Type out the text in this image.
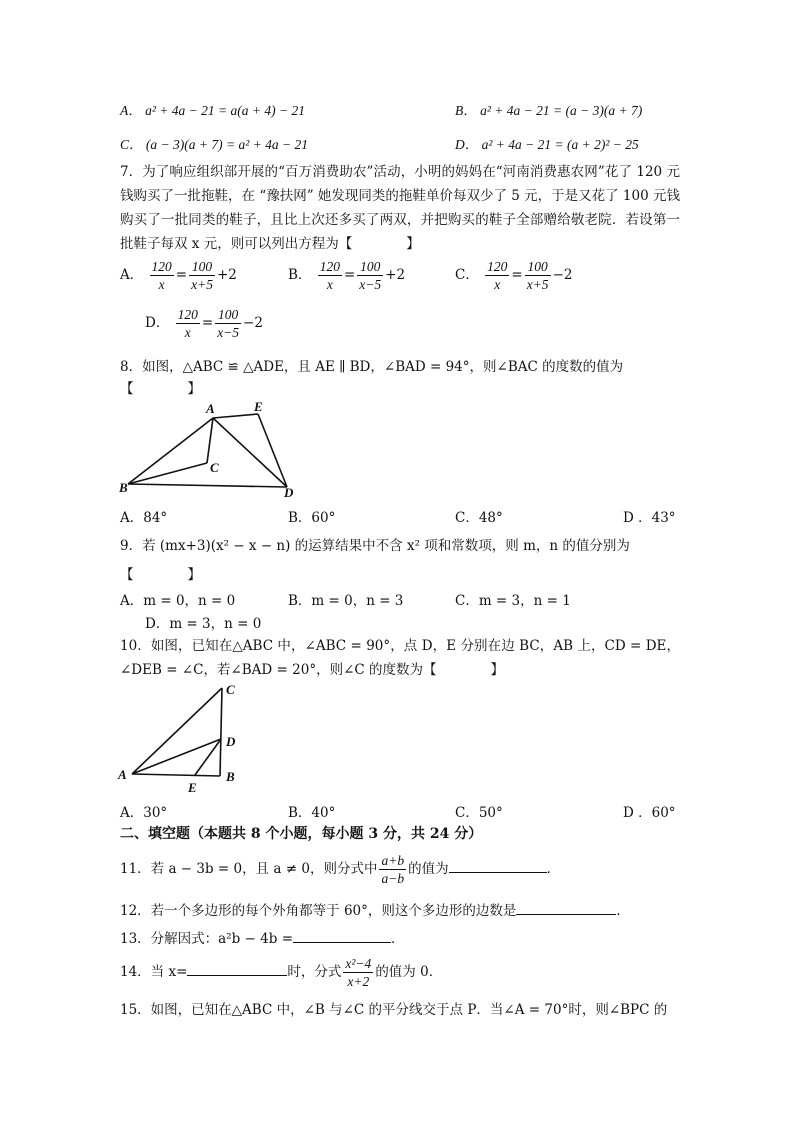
A． a² + 4a − 21 = a(a + 4) − 21	B． a² + 4a − 21 = (a − 3)(a + 7)
C． (a − 3)(a + 7) = a² + 4a − 21	D． a² + 4a − 21 = (a + 2)² − 25
7．为了响应组织部开展的“百万消费助农”活动，小明的妈妈在“河南消费惠农网”花了 120 元钱购买了一批拖鞋，在 “豫扶网” 她发现同类的拖鞋单价每双少了 5 元，于是又花了 100 元钱购买了一批同类的鞋子，且比上次还多买了两双，并把购买的鞋子全部赠给敬老院．若设第一批鞋子每双 x 元，则可以列出方程为【　　　　】
A． $\frac{120}{x} = \frac{100}{x+5} +2$	B． $\frac{120}{x} = \frac{100}{x-5} +2$	C． $\frac{120}{x} = \frac{100}{x+5} -2$
D． $\frac{120}{x} = \frac{100}{x-5} -2$
8．如图，△ABC ≌ △ADE，且 AE ∥ BD，∠BAD = 94°，则∠BAC 的度数的值为
【　　　　】
A	E
C
B	D
A．84°	B．60°	C．48°	D ．43°
9．若 (mx+3)(x² − x − n) 的运算结果中不含 x² 项和常数项，则 m，n 的值分别为
【　　　　】
A．m = 0，n = 0	B．m = 0，n = 3	C．m = 3，n = 1
D．m = 3，n = 0
10．如图，已知在△ABC 中，∠ABC = 90°，点 D，E 分别在边 BC，AB 上，CD = DE，∠DEB = ∠C，若∠BAD = 20°，则∠C 的度数为【　　　　】
C
D
A
E
B
A．30°	B．40°	C．50°	D ．60°
二、填空题（本题共 8 个小题，每小题 3 分，共 24 分）
11．若 a − 3b = 0，且 a ≠ 0，则分式中 $\frac{a+b}{a-b}$ 的值为	．
12．若一个多边形的每个外角都等于 60°，则这个多边形的边数是	．
13．分解因式：a²b − 4b =	．
14．当 x=	时，分式 $\frac{\text{x²−4}}{x+2}$ 的值为 0．
15．如图，已知在△ABC 中，∠B 与∠C 的平分线交于点 P．当∠A = 70°时，则∠BPC 的
